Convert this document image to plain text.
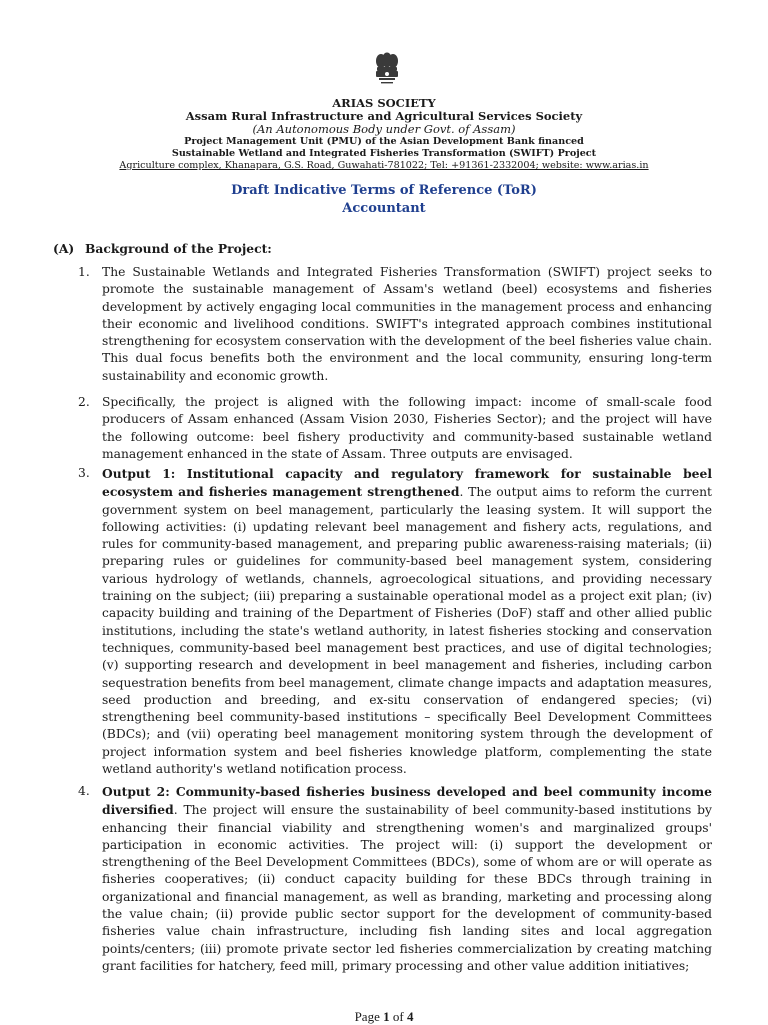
ARIAS SOCIETY
Assam Rural Infrastructure and Agricultural Services Society
(An Autonomous Body under Govt. of Assam)
Project Management Unit (PMU) of the Asian Development Bank financed
Sustainable Wetland and Integrated Fisheries Transformation (SWIFT) Project
Agriculture complex, Khanapara, G.S. Road, Guwahati-781022; Tel: +91361-2332004; website: www.arias.in
Draft Indicative Terms of Reference (ToR)
Accountant
(A) Background of the Project:

1. The Sustainable Wetlands and Integrated Fisheries Transformation (SWIFT) project seeks to promote the sustainable management of Assam's wetland (beel) ecosystems and fisheries development by actively engaging local communities in the management process and enhancing their economic and livelihood conditions. SWIFT's integrated approach combines institutional strengthening for ecosystem conservation with the development of the beel fisheries value chain. This dual focus benefits both the environment and the local community, ensuring long-term sustainability and economic growth.

2. Specifically, the project is aligned with the following impact: income of small-scale food producers of Assam enhanced (Assam Vision 2030, Fisheries Sector); and the project will have the following outcome: beel fishery productivity and community-based sustainable wetland management enhanced in the state of Assam. Three outputs are envisaged.

3. Output 1: Institutional capacity and regulatory framework for sustainable beel ecosystem and fisheries management strengthened. The output aims to reform the current government system on beel management, particularly the leasing system. It will support the following activities: (i) updating relevant beel management and fishery acts, regulations, and rules for community-based management, and preparing public awareness-raising materials; (ii) preparing rules or guidelines for community-based beel management system, considering various hydrology of wetlands, channels, agroecological situations, and providing necessary training on the subject; (iii) preparing a sustainable operational model as a project exit plan; (iv) capacity building and training of the Department of Fisheries (DoF) staff and other allied public institutions, including the state's wetland authority, in latest fisheries stocking and conservation techniques, community-based beel management best practices, and use of digital technologies; (v) supporting research and development in beel management and fisheries, including carbon sequestration benefits from beel management, climate change impacts and adaptation measures, seed production and breeding, and ex-situ conservation of endangered species; (vi) strengthening beel community-based institutions – specifically Beel Development Committees (BDCs); and (vii) operating beel management monitoring system through the development of project information system and beel fisheries knowledge platform, complementing the state wetland authority's wetland notification process.

4. Output 2: Community-based fisheries business developed and beel community income diversified. The project will ensure the sustainability of beel community-based institutions by enhancing their financial viability and strengthening women's and marginalized groups' participation in economic activities. The project will: (i) support the development or strengthening of the Beel Development Committees (BDCs), some of whom are or will operate as fisheries cooperatives; (ii) conduct capacity building for these BDCs through training in organizational and financial management, as well as branding, marketing and processing along the value chain; (ii) provide public sector support for the development of community-based fisheries value chain infrastructure, including fish landing sites and local aggregation points/centers; (iii) promote private sector led fisheries commercialization by creating matching grant facilities for hatchery, feed mill, primary processing and other value addition initiatives;

Page 1 of 4
